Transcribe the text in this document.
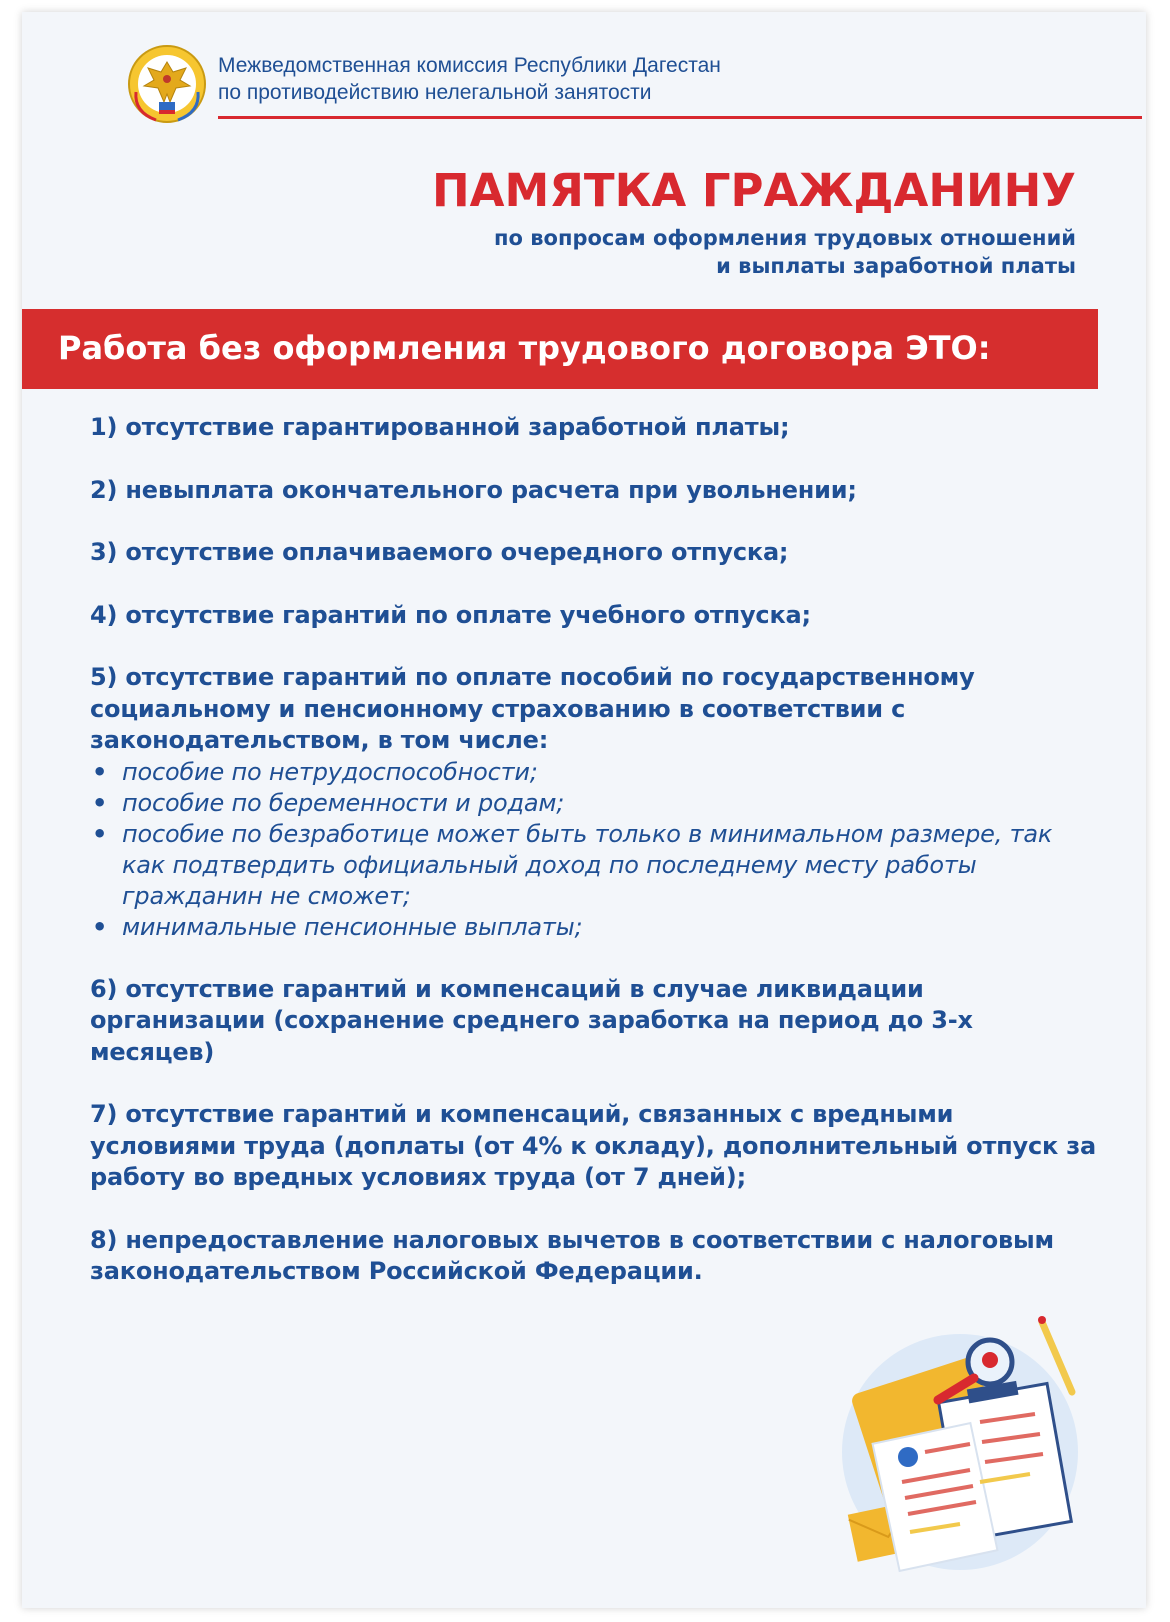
Межведомственная комиссия Республики Дагестан
по противодействию нелегальной занятости
ПАМЯТКА ГРАЖДАНИНУ
по вопросам оформления трудовых отношений
и выплаты заработной платы
Работа без оформления трудового договора ЭТО:
1) отсутствие гарантированной заработной платы;
2) невыплата окончательного расчета при увольнении;
3) отсутствие оплачиваемого очередного отпуска;
4) отсутствие гарантий по оплате учебного отпуска;
5) отсутствие гарантий по оплате пособий по государственному социальному и пенсионному страхованию в соответствии с законодательством, в том числе:
• пособие по нетрудоспособности;
• пособие по беременности и родам;
• пособие по безработице может быть только в минимальном размере, так как подтвердить официальный доход по последнему месту работы гражданин не сможет;
• минимальные пенсионные выплаты;
6) отсутствие гарантий и компенсаций в случае ликвидации организации (сохранение среднего заработка на период до 3-х месяцев)
7) отсутствие гарантий и компенсаций, связанных с вредными условиями труда (доплаты (от 4% к окладу), дополнительный отпуск за работу во вредных условиях труда (от 7 дней);
8) непредоставление налоговых вычетов в соответствии с налоговым законодательством Российской Федерации.
